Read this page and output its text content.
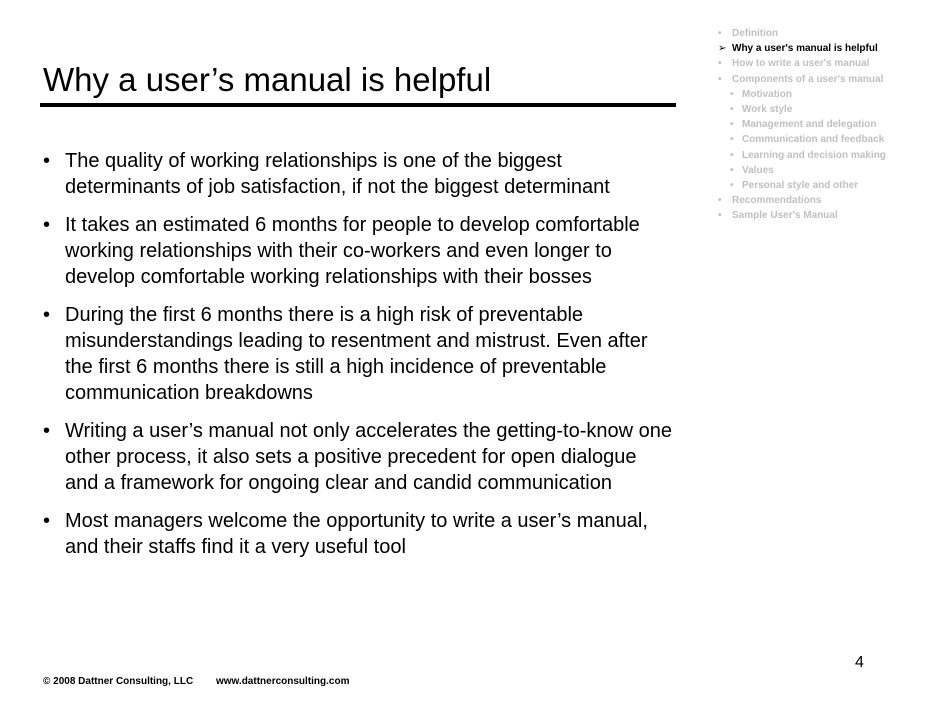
Why a user’s manual is helpful
• The quality of working relationships is one of the biggest determinants of job satisfaction, if not the biggest determinant
• It takes an estimated 6 months for people to develop comfortable working relationships with their co-workers and even longer to develop comfortable working relationships with their bosses
• During the first 6 months there is a high risk of preventable misunderstandings leading to resentment and mistrust. Even after the first 6 months there is still a high incidence of preventable communication breakdowns
• Writing a user’s manual not only accelerates the getting-to-know one other process, it also sets a positive precedent for open dialogue and a framework for ongoing clear and candid communication
• Most managers welcome the opportunity to write a user’s manual, and their staffs find it a very useful tool
• Definition
➢ Why a user's manual is helpful
• How to write a user's manual
• Components of a user's manual
• Motivation
• Work style
• Management and delegation
• Communication and feedback
• Learning and decision making
• Values
• Personal style and other
• Recommendations
• Sample User's Manual
4
© 2008 Dattner Consulting, LLC www.dattnerconsulting.com
